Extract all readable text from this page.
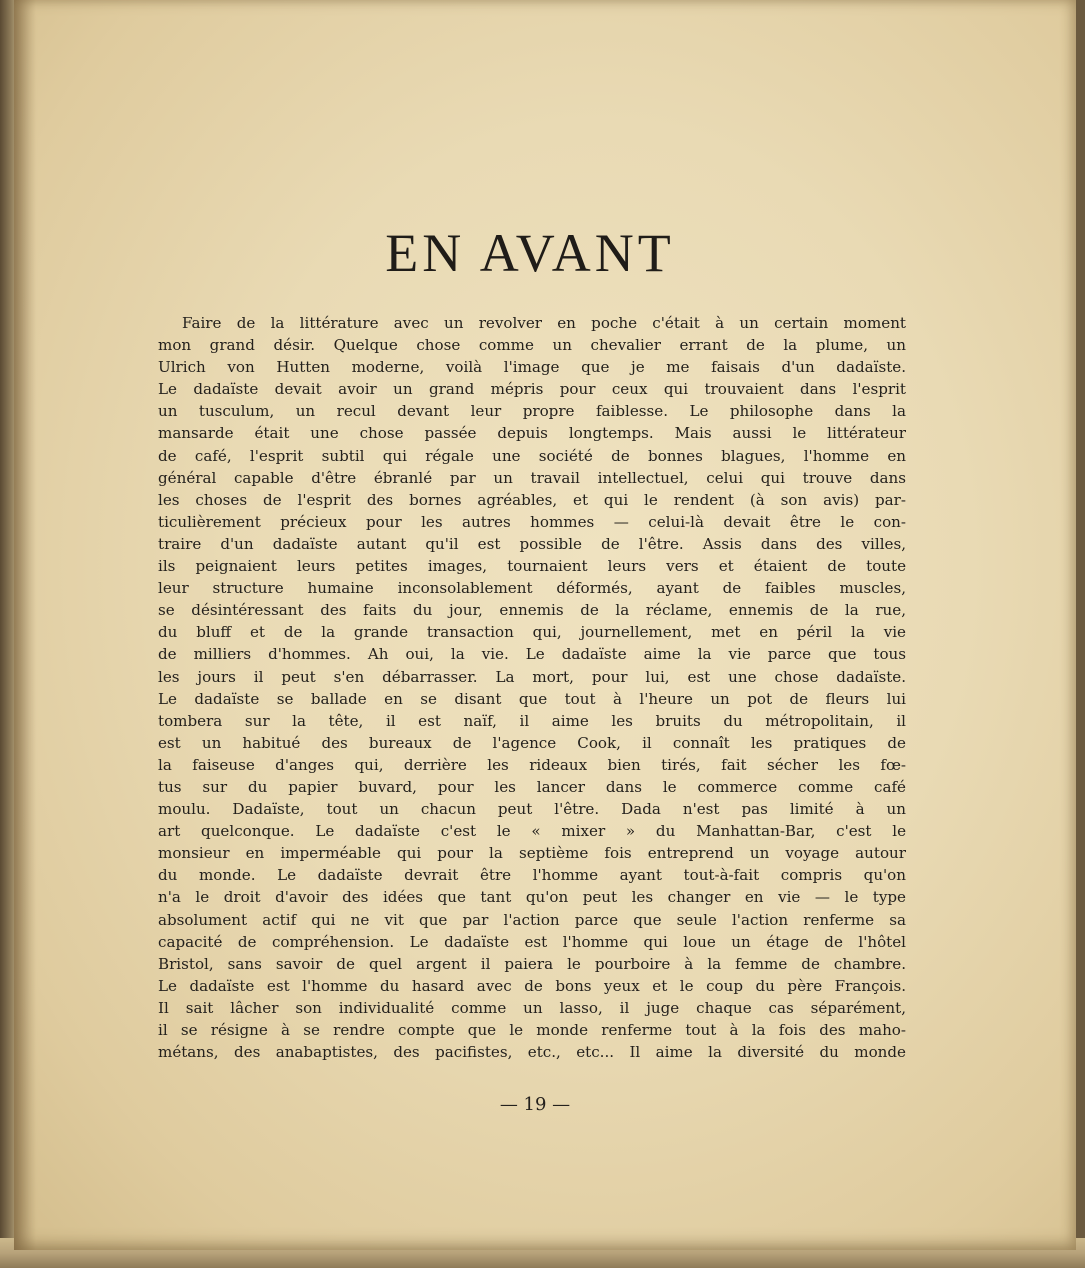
EN AVANT
Faire de la littérature avec un revolver en poche c'était à un certain moment
mon grand désir. Quelque chose comme un chevalier errant de la plume, un
Ulrich von Hutten moderne, voilà l'image que je me faisais d'un dadaïste.
Le dadaïste devait avoir un grand mépris pour ceux qui trouvaient dans l'esprit
un tusculum, un recul devant leur propre faiblesse. Le philosophe dans la
mansarde était une chose passée depuis longtemps. Mais aussi le littérateur
de café, l'esprit subtil qui régale une société de bonnes blagues, l'homme en
général capable d'être ébranlé par un travail intellectuel, celui qui trouve dans
les choses de l'esprit des bornes agréables, et qui le rendent (à son avis) par-
ticulièrement précieux pour les autres hommes — celui-là devait être le con-
traire d'un dadaïste autant qu'il est possible de l'être. Assis dans des villes,
ils peignaient leurs petites images, tournaient leurs vers et étaient de toute
leur structure humaine inconsolablement déformés, ayant de faibles muscles,
se désintéressant des faits du jour, ennemis de la réclame, ennemis de la rue,
du bluff et de la grande transaction qui, journellement, met en péril la vie
de milliers d'hommes. Ah oui, la vie. Le dadaïste aime la vie parce que tous
les jours il peut s'en débarrasser. La mort, pour lui, est une chose dadaïste.
Le dadaïste se ballade en se disant que tout à l'heure un pot de fleurs lui
tombera sur la tête, il est naïf, il aime les bruits du métropolitain, il
est un habitué des bureaux de l'agence Cook, il connaît les pratiques de
la faiseuse d'anges qui, derrière les rideaux bien tirés, fait sécher les fœ-
tus sur du papier buvard, pour les lancer dans le commerce comme café
moulu. Dadaïste, tout un chacun peut l'être. Dada n'est pas limité à un
art quelconque. Le dadaïste c'est le « mixer » du Manhattan-Bar, c'est le
monsieur en imperméable qui pour la septième fois entreprend un voyage autour
du monde. Le dadaïste devrait être l'homme ayant tout-à-fait compris qu'on
n'a le droit d'avoir des idées que tant qu'on peut les changer en vie — le type
absolument actif qui ne vit que par l'action parce que seule l'action renferme sa
capacité de compréhension. Le dadaïste est l'homme qui loue un étage de l'hôtel
Bristol, sans savoir de quel argent il paiera le pourboire à la femme de chambre.
Le dadaïste est l'homme du hasard avec de bons yeux et le coup du père François.
Il sait lâcher son individualité comme un lasso, il juge chaque cas séparément,
il se résigne à se rendre compte que le monde renferme tout à la fois des maho-
métans, des anabaptistes, des pacifistes, etc., etc... Il aime la diversité du monde
— 19 —
